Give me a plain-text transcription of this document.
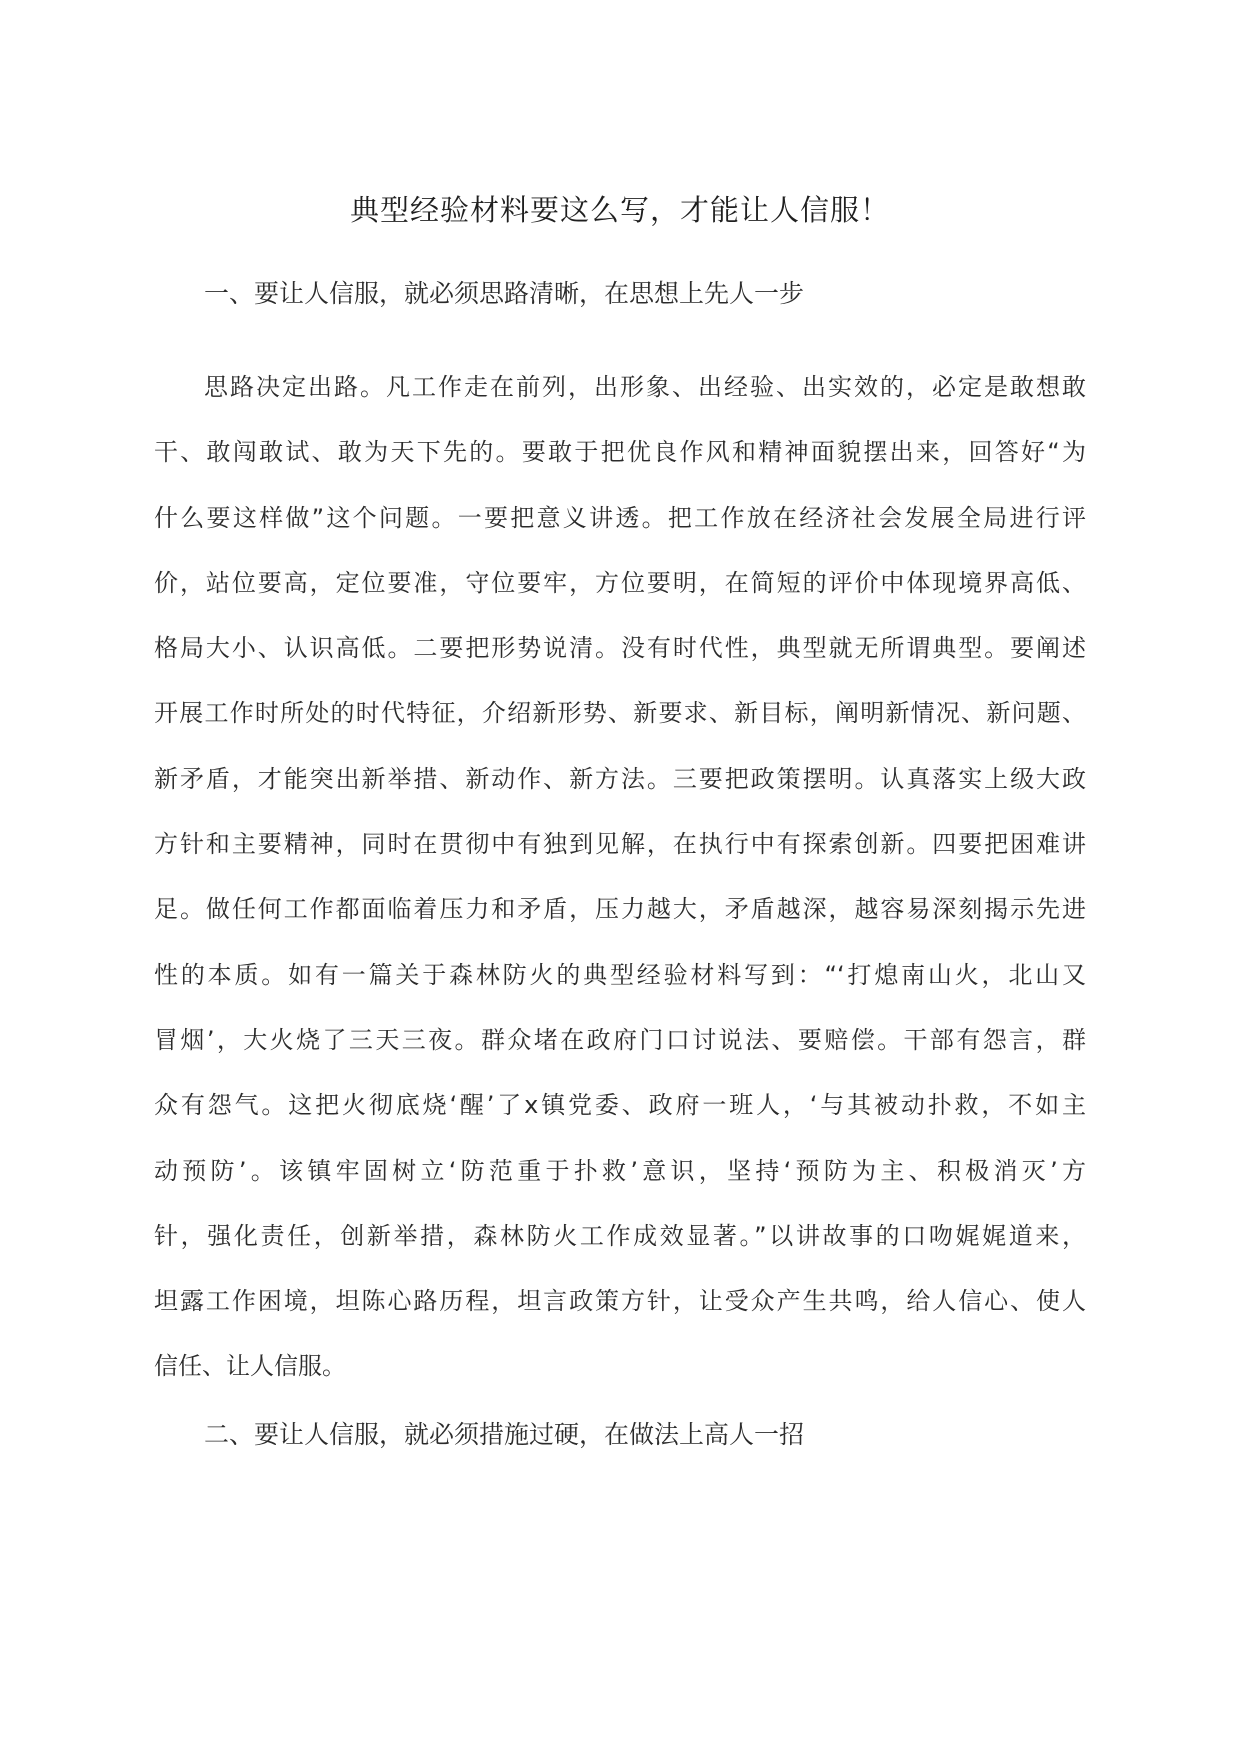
典型经验材料要这么写，才能让人信服！
一、要让人信服，就必须思路清晰，在思想上先人一步
思路决定出路。凡工作走在前列，出形象、出经验、出实效的，必定是敢想敢
干、敢闯敢试、敢为天下先的。要敢于把优良作风和精神面貌摆出来，回答好“为
什么要这样做”这个问题。一要把意义讲透。把工作放在经济社会发展全局进行评
价，站位要高，定位要准，守位要牢，方位要明，在简短的评价中体现境界高低、
格局大小、认识高低。二要把形势说清。没有时代性，典型就无所谓典型。要阐述
开展工作时所处的时代特征，介绍新形势、新要求、新目标，阐明新情况、新问题、
新矛盾，才能突出新举措、新动作、新方法。三要把政策摆明。认真落实上级大政
方针和主要精神，同时在贯彻中有独到见解，在执行中有探索创新。四要把困难讲
足。做任何工作都面临着压力和矛盾，压力越大，矛盾越深，越容易深刻揭示先进
性的本质。如有一篇关于森林防火的典型经验材料写到：“‘打熄南山火，北山又
冒烟’，大火烧了三天三夜。群众堵在政府门口讨说法、要赔偿。干部有怨言，群
众有怨气。这把火彻底烧‘醒’了x镇党委、政府一班人，‘与其被动扑救，不如主
动预防’。该镇牢固树立‘防范重于扑救’意识，坚持‘预防为主、积极消灭’方
针，强化责任，创新举措，森林防火工作成效显著。”以讲故事的口吻娓娓道来，
坦露工作困境，坦陈心路历程，坦言政策方针，让受众产生共鸣，给人信心、使人
信任、让人信服。
二、要让人信服，就必须措施过硬，在做法上高人一招
